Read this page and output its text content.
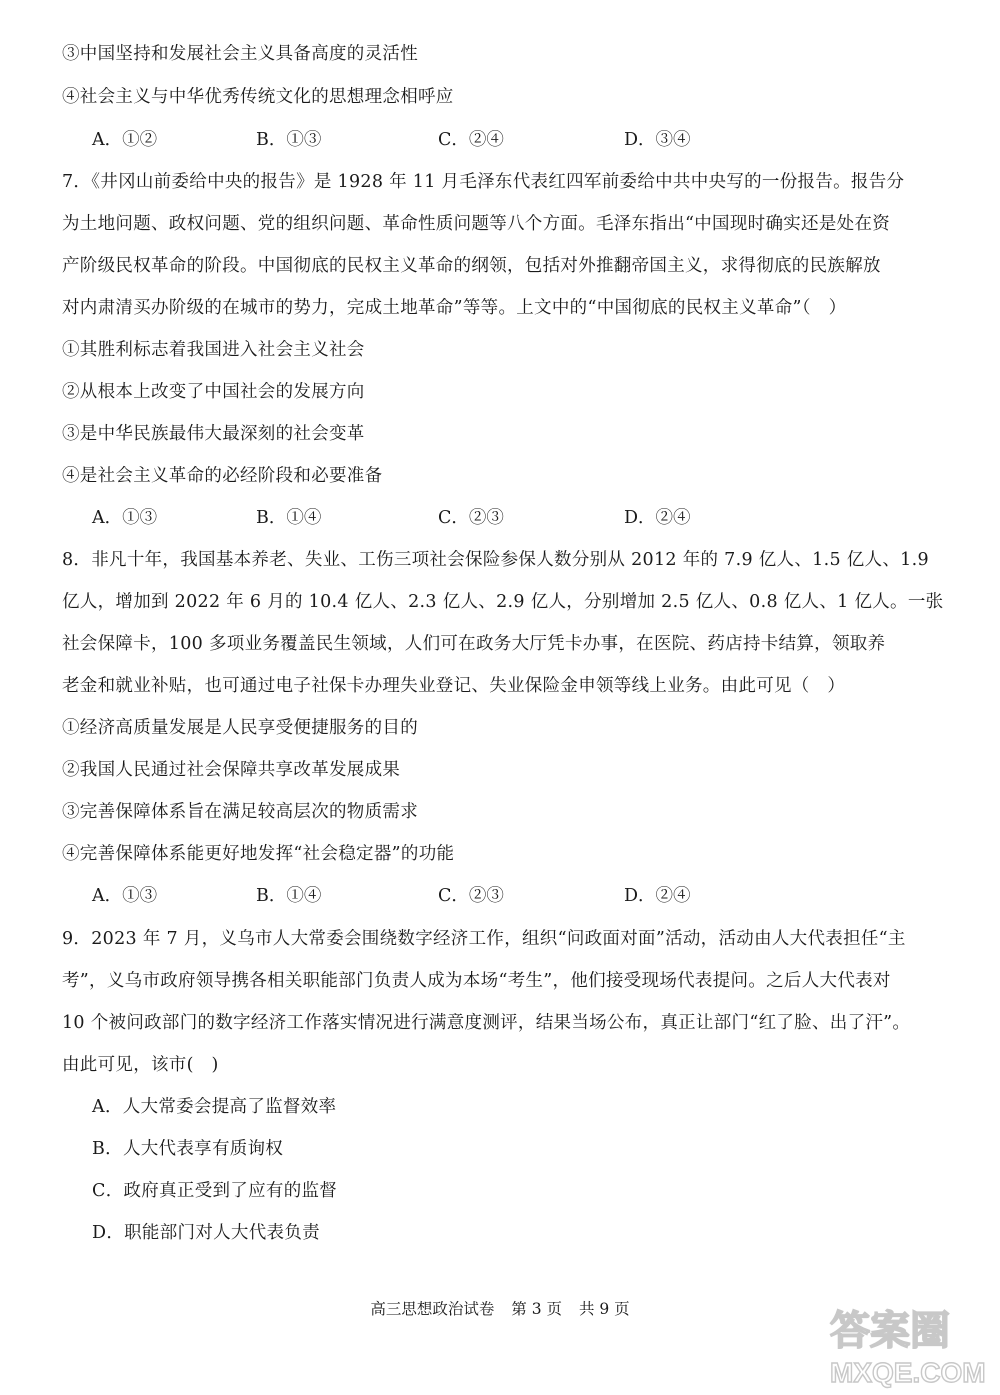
③中国坚持和发展社会主义具备高度的灵活性
④社会主义与中华优秀传统文化的思想理念相呼应
A．①②	B．①③	C．②④	D．③④
7．《井冈山前委给中央的报告》是 1928 年 11 月毛泽东代表红四军前委给中共中央写的一份报告。报告分
为土地问题、政权问题、党的组织问题、革命性质问题等八个方面。毛泽东指出“中国现时确实还是处在资
产阶级民权革命的阶段。中国彻底的民权主义革命的纲领，包括对外推翻帝国主义，求得彻底的民族解放
对内肃清买办阶级的在城市的势力，完成土地革命”等等。上文中的“中国彻底的民权主义革命”（　）
①其胜利标志着我国进入社会主义社会
②从根本上改变了中国社会的发展方向
③是中华民族最伟大最深刻的社会变革
④是社会主义革命的必经阶段和必要准备
A．①③	B．①④	C．②③	D．②④
8．非凡十年，我国基本养老、失业、工伤三项社会保险参保人数分别从 2012 年的 7.9 亿人、1.5 亿人、1.9
亿人，增加到 2022 年 6 月的 10.4 亿人、2.3 亿人、2.9 亿人，分别增加 2.5 亿人、0.8 亿人、1 亿人。一张
社会保障卡，100 多项业务覆盖民生领域，人们可在政务大厅凭卡办事，在医院、药店持卡结算，领取养
老金和就业补贴，也可通过电子社保卡办理失业登记、失业保险金申领等线上业务。由此可见（　）
①经济高质量发展是人民享受便捷服务的目的
②我国人民通过社会保障共享改革发展成果
③完善保障体系旨在满足较高层次的物质需求
④完善保障体系能更好地发挥“社会稳定器”的功能
A．①③	B．①④	C．②③	D．②④
9．2023 年 7 月，义乌市人大常委会围绕数字经济工作，组织“问政面对面”活动，活动由人大代表担任“主
考”，义乌市政府领导携各相关职能部门负责人成为本场“考生”，他们接受现场代表提问。之后人大代表对
10 个被问政部门的数字经济工作落实情况进行满意度测评，结果当场公布，真正让部门“红了脸、出了汗”。
由此可见，该市(　)
A．人大常委会提高了监督效率
B．人大代表享有质询权
C．政府真正受到了应有的监督
D．职能部门对人大代表负责
高三思想政治试卷 第 3 页 共 9 页	答案圈
MXQE.COM
